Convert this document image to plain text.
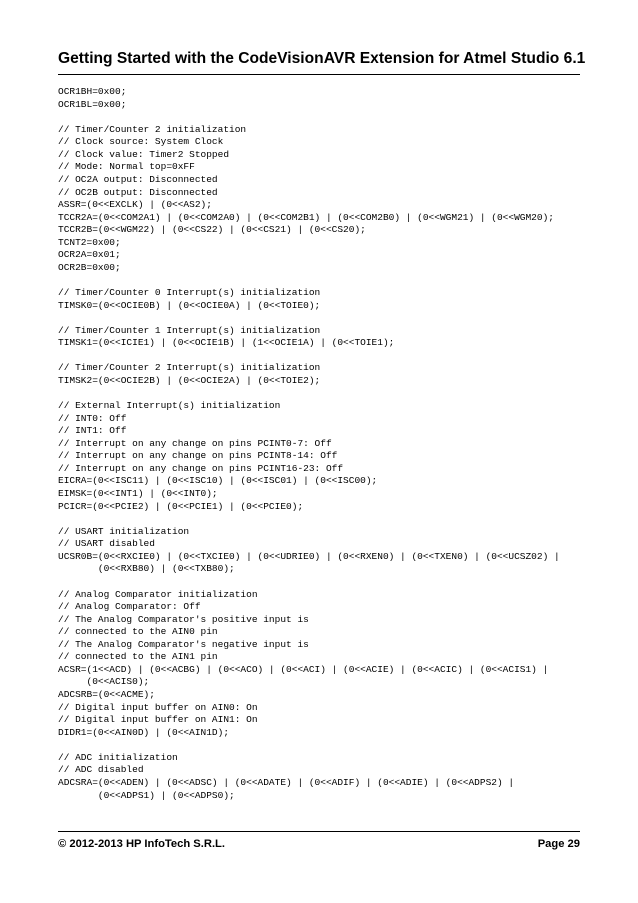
Getting Started with the CodeVisionAVR Extension for Atmel Studio 6.1
OCR1BH=0x00;
OCR1BL=0x00;
// Timer/Counter 2 initialization
// Clock source: System Clock
// Clock value: Timer2 Stopped
// Mode: Normal top=0xFF
// OC2A output: Disconnected
// OC2B output: Disconnected
ASSR=(0<<EXCLK) | (0<<AS2);
TCCR2A=(0<<COM2A1) | (0<<COM2A0) | (0<<COM2B1) | (0<<COM2B0) | (0<<WGM21) | (0<<WGM20);
TCCR2B=(0<<WGM22) | (0<<CS22) | (0<<CS21) | (0<<CS20);
TCNT2=0x00;
OCR2A=0x01;
OCR2B=0x00;
// Timer/Counter 0 Interrupt(s) initialization
TIMSK0=(0<<OCIE0B) | (0<<OCIE0A) | (0<<TOIE0);
// Timer/Counter 1 Interrupt(s) initialization
TIMSK1=(0<<ICIE1) | (0<<OCIE1B) | (1<<OCIE1A) | (0<<TOIE1);
// Timer/Counter 2 Interrupt(s) initialization
TIMSK2=(0<<OCIE2B) | (0<<OCIE2A) | (0<<TOIE2);
// External Interrupt(s) initialization
// INT0: Off
// INT1: Off
// Interrupt on any change on pins PCINT0-7: Off
// Interrupt on any change on pins PCINT8-14: Off
// Interrupt on any change on pins PCINT16-23: Off
EICRA=(0<<ISC11) | (0<<ISC10) | (0<<ISC01) | (0<<ISC00);
EIMSK=(0<<INT1) | (0<<INT0);
PCICR=(0<<PCIE2) | (0<<PCIE1) | (0<<PCIE0);
// USART initialization
// USART disabled
UCSR0B=(0<<RXCIE0) | (0<<TXCIE0) | (0<<UDRIE0) | (0<<RXEN0) | (0<<TXEN0) | (0<<UCSZ02) |
(0<<RXB80) | (0<<TXB80);
// Analog Comparator initialization
// Analog Comparator: Off
// The Analog Comparator's positive input is
// connected to the AIN0 pin
// The Analog Comparator's negative input is
// connected to the AIN1 pin
ACSR=(1<<ACD) | (0<<ACBG) | (0<<ACO) | (0<<ACI) | (0<<ACIE) | (0<<ACIC) | (0<<ACIS1) |
(0<<ACIS0);
ADCSRB=(0<<ACME);
// Digital input buffer on AIN0: On
// Digital input buffer on AIN1: On
DIDR1=(0<<AIN0D) | (0<<AIN1D);
// ADC initialization
// ADC disabled
ADCSRA=(0<<ADEN) | (0<<ADSC) | (0<<ADATE) | (0<<ADIF) | (0<<ADIE) | (0<<ADPS2) |
(0<<ADPS1) | (0<<ADPS0);
© 2012-2013 HP InfoTech S.R.L.	Page 29
